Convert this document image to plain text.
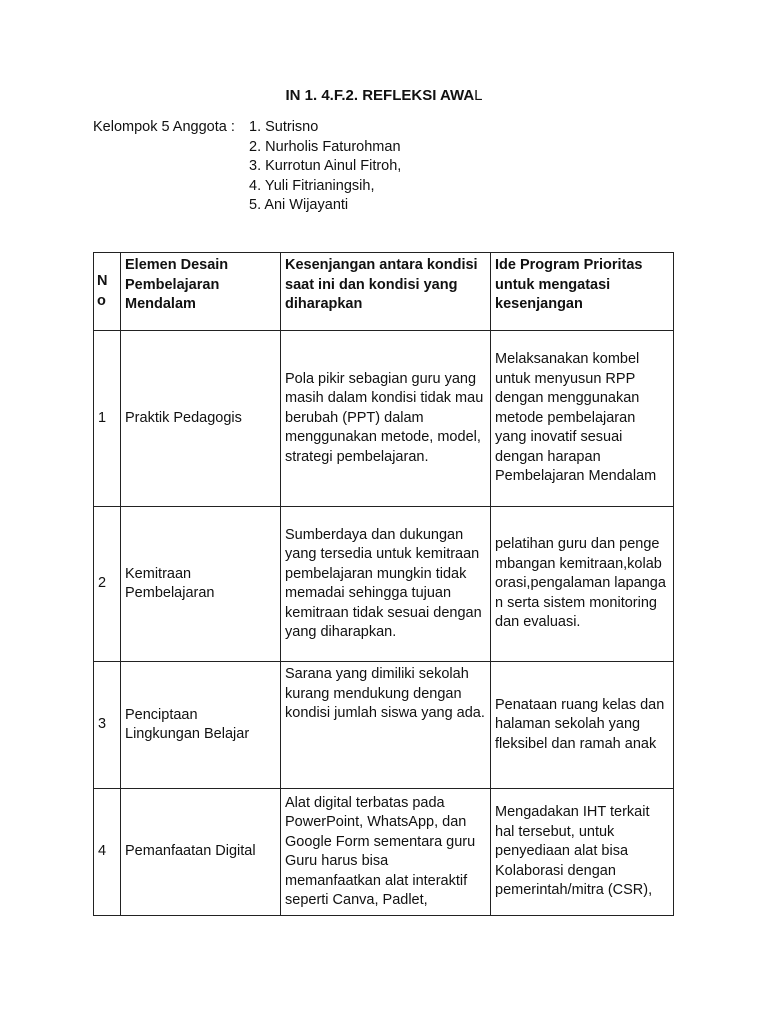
IN 1. 4.F.2. REFLEKSI AWAL
Kelompok 5 Anggota : 1. Sutrisno
2. Nurholis Faturohman
3. Kurrotun Ainul Fitroh,
4. Yuli Fitrianingsih,
5. Ani Wijayanti
No	Elemen Desain Pembelajaran Mendalam	Kesenjangan antara kondisi saat ini dan kondisi yang diharapkan	Ide Program Prioritas untuk mengatasi kesenjangan
1	Praktik Pedagogis	Pola pikir sebagian guru yang masih dalam kondisi tidak mau berubah (PPT) dalam menggunakan metode, model, strategi pembelajaran.	Melaksanakan kombel untuk menyusun RPP dengan menggunakan metode pembelajaran yang inovatif sesuai dengan harapan Pembelajaran Mendalam
2	Kemitraan Pembelajaran	Sumberdaya dan dukungan yang tersedia untuk kemitraan pembelajaran mungkin tidak memadai sehingga tujuan kemitraan tidak sesuai dengan yang diharapkan.	pelatihan guru dan pengembangan kemitraan,kolaborasi,pengalaman lapangan serta sistem monitoring dan evaluasi.
3	Penciptaan Lingkungan Belajar	Sarana yang dimiliki sekolah kurang mendukung dengan kondisi jumlah siswa yang ada.	Penataan ruang kelas dan halaman sekolah yang fleksibel dan ramah anak
4	Pemanfaatan Digital	Alat digital terbatas pada PowerPoint, WhatsApp, dan Google Form sementara guru Guru harus bisa memanfaatkan alat interaktif seperti Canva, Padlet,	Mengadakan IHT terkait hal tersebut, untuk penyediaan alat bisa Kolaborasi dengan pemerintah/mitra (CSR),
